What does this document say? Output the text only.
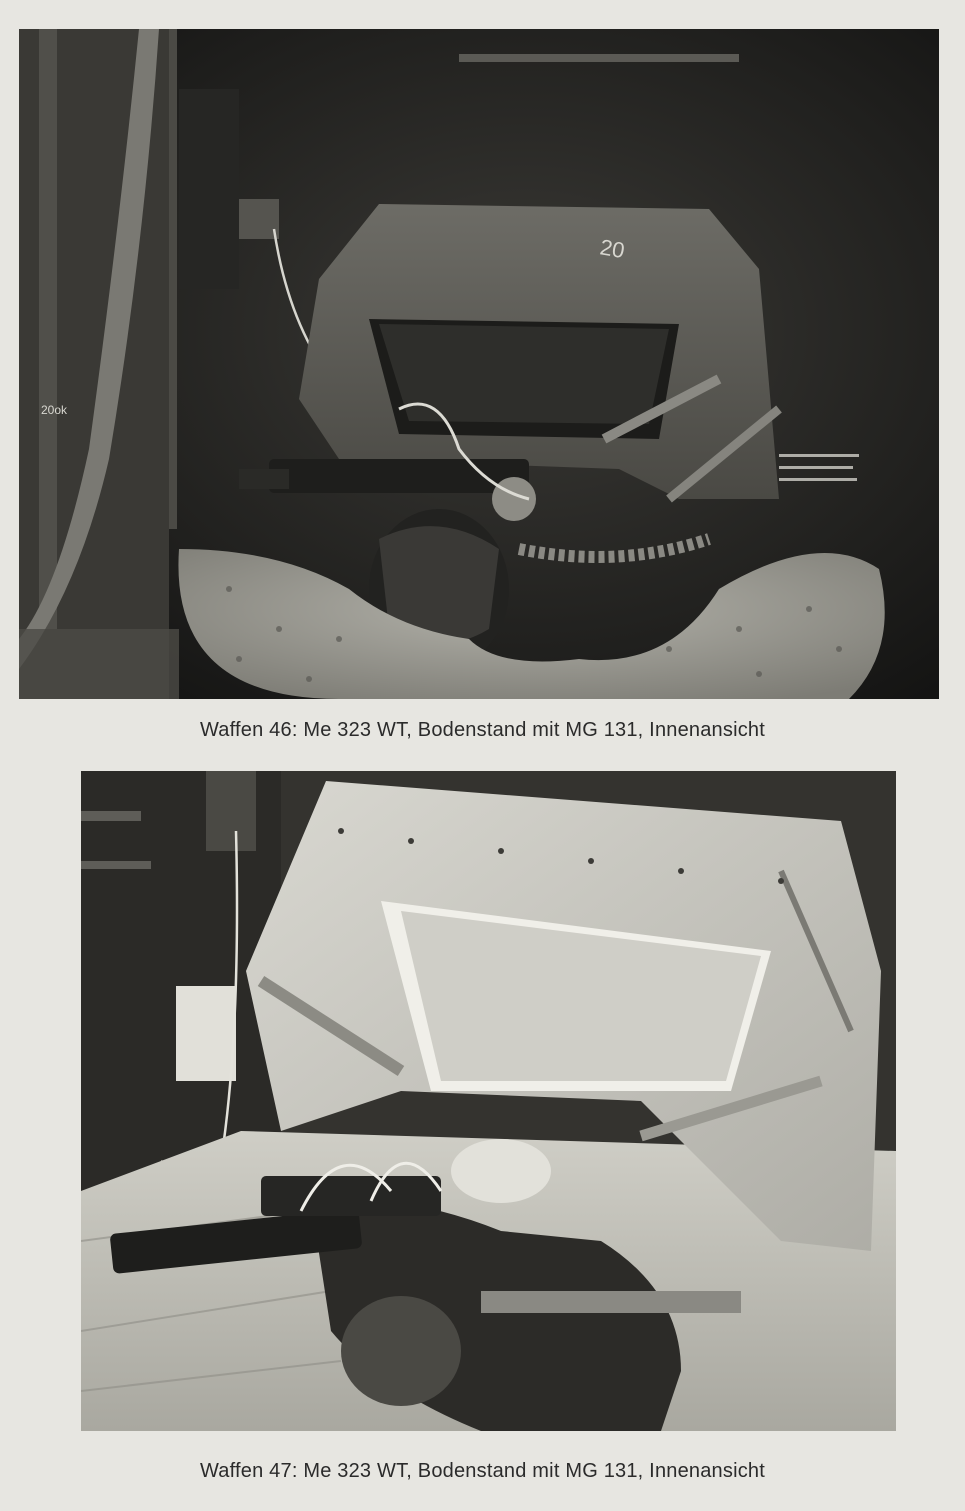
20
20ok
Waffen 46: Me 323 WT, Bodenstand mit MG 131, Innenansicht
Waffen 47: Me 323 WT, Bodenstand mit MG 131, Innenansicht
